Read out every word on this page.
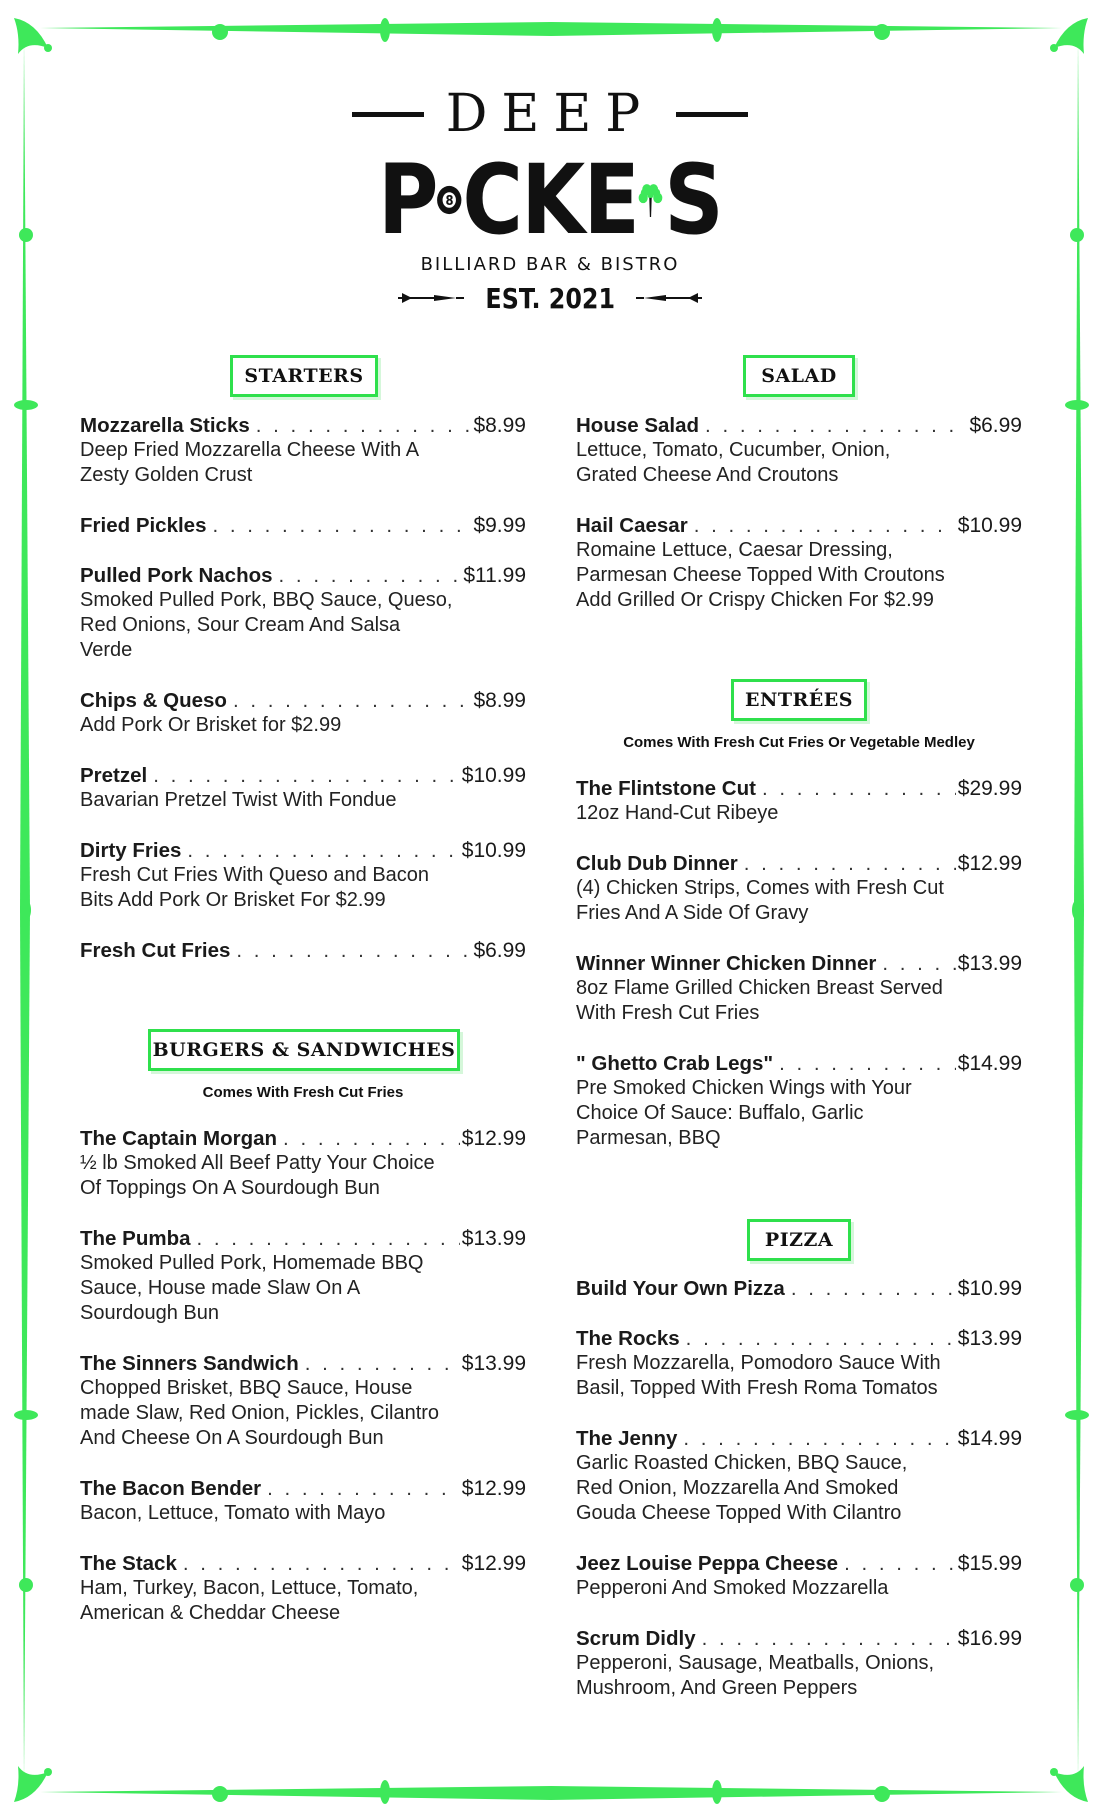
DEEP
P 8 CKE S
BILLIARD BAR & BISTRO
EST. 2021
STARTERS
Mozzarella Sticks . . .	$8.99
Deep Fried Mozzarella Cheese With A
Zesty Golden Crust
Fried Pickles . . .	$9.99
Pulled Pork Nachos . . .	$11.99
Smoked Pulled Pork, BBQ Sauce, Queso,
Red Onions, Sour Cream And Salsa
Verde
Chips & Queso . . .	$8.99
Add Pork Or Brisket for $2.99
Pretzel . . .	$10.99
Bavarian Pretzel Twist With Fondue
Dirty Fries . . .	$10.99
Fresh Cut Fries With Queso and Bacon
Bits Add Pork Or Brisket For $2.99
Fresh Cut Fries . . .	$6.99
BURGERS & SANDWICHES
Comes With Fresh Cut Fries
The Captain Morgan . . .	$12.99
½ lb Smoked All Beef Patty Your Choice
Of Toppings On A Sourdough Bun
The Pumba . . .	$13.99
Smoked Pulled Pork, Homemade BBQ
Sauce, House made Slaw On A
Sourdough Bun
The Sinners Sandwich . . .	$13.99
Chopped Brisket, BBQ Sauce, House
made Slaw, Red Onion, Pickles, Cilantro
And Cheese On A Sourdough Bun
The Bacon Bender . . .	$12.99
Bacon, Lettuce, Tomato with Mayo
The Stack . . .	$12.99
Ham, Turkey, Bacon, Lettuce, Tomato,
American & Cheddar Cheese
SALAD
House Salad . . .	$6.99
Lettuce, Tomato, Cucumber, Onion,
Grated Cheese And Croutons
Hail Caesar . . .	$10.99
Romaine Lettuce, Caesar Dressing,
Parmesan Cheese Topped With Croutons
Add Grilled Or Crispy Chicken For $2.99
ENTRÉES
Comes With Fresh Cut Fries Or Vegetable Medley
The Flintstone Cut . . .	$29.99
12oz Hand-Cut Ribeye
Club Dub Dinner . . .	$12.99
(4) Chicken Strips, Comes with Fresh Cut
Fries And A Side Of Gravy
Winner Winner Chicken Dinner . . .	$13.99
8oz Flame Grilled Chicken Breast Served
With Fresh Cut Fries
" Ghetto Crab Legs" . . .	$14.99
Pre Smoked Chicken Wings with Your
Choice Of Sauce: Buffalo, Garlic
Parmesan, BBQ
PIZZA
Build Your Own Pizza . . .	$10.99
The Rocks . . .	$13.99
Fresh Mozzarella, Pomodoro Sauce With
Basil, Topped With Fresh Roma Tomatos
The Jenny . . .	$14.99
Garlic Roasted Chicken, BBQ Sauce,
Red Onion, Mozzarella And Smoked
Gouda Cheese Topped With Cilantro
Jeez Louise Peppa Cheese . . .	$15.99
Pepperoni And Smoked Mozzarella
Scrum Didly . . .	$16.99
Pepperoni, Sausage, Meatballs, Onions,
Mushroom, And Green Peppers
